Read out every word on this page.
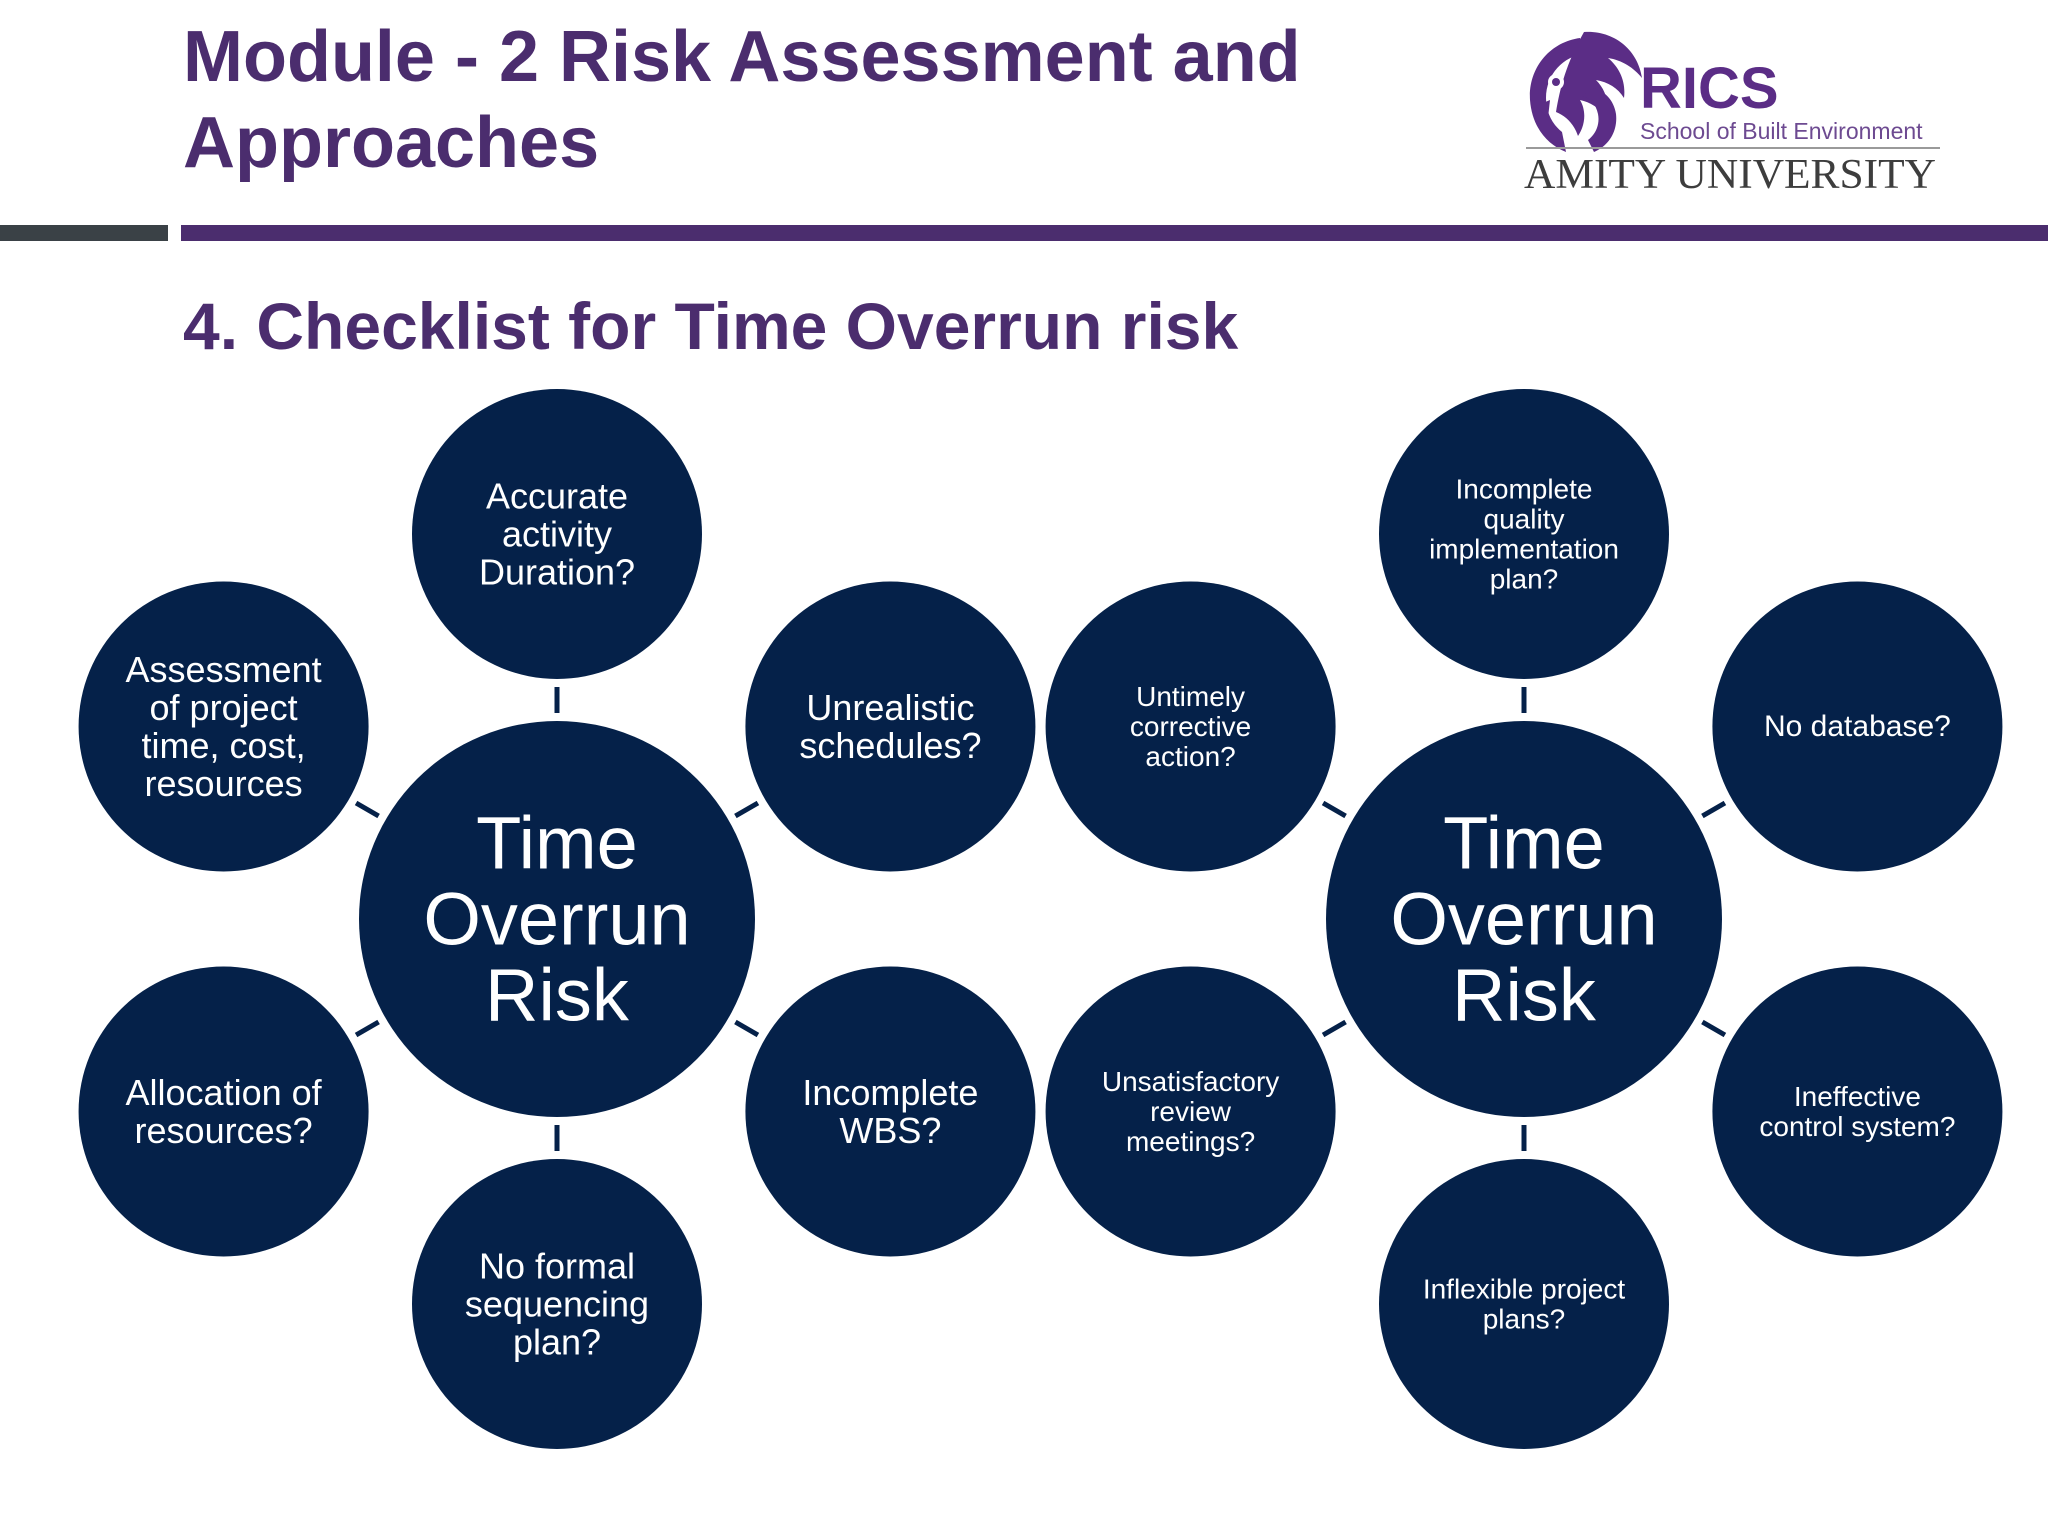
Module - 2 Risk Assessment and
Approaches
RICS
School of Built Environment
AMITY UNIVERSITY
4. Checklist for Time Overrun risk
Time
Overrun
Risk
Accurate
activity
Duration?
Unrealistic
schedules?
Incomplete
WBS?
No formal
sequencing
plan?
Allocation of
resources?
Assessment
of project
time, cost,
resources
Time
Overrun
Risk
Incomplete
quality
implementation
plan?
No database?
Ineffective
control system?
Inflexible project
plans?
Unsatisfactory
review
meetings?
Untimely
corrective
action?
